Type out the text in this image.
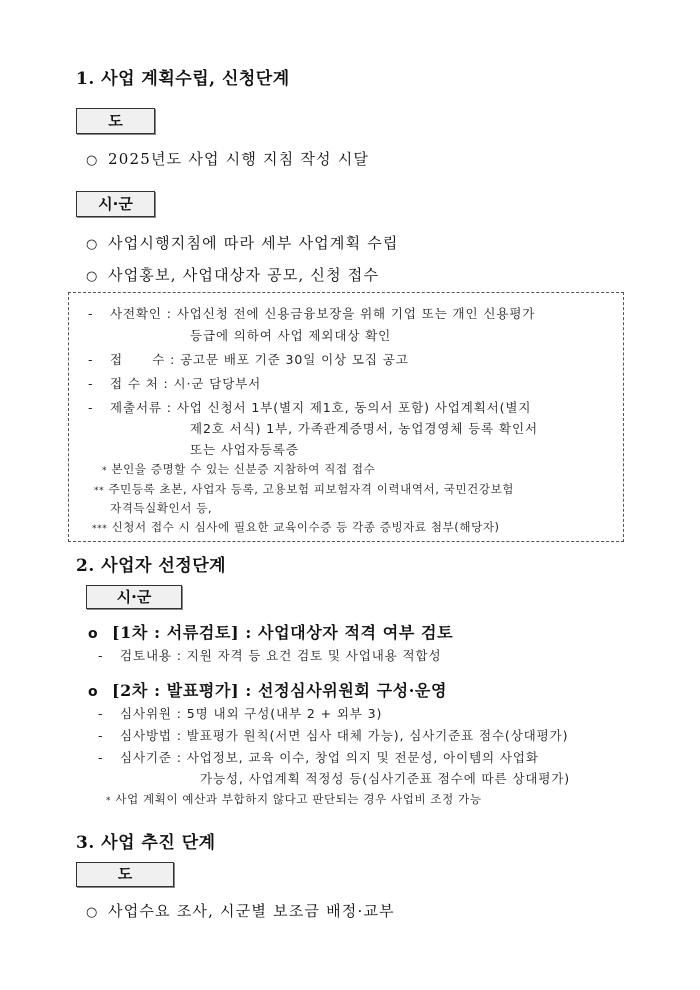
1. 사업 계획수립, 신청단계
도
○ 2025년도 사업 시행 지침 작성 시달
시·군
○ 사업시행지침에 따라 세부 사업계획 수립
○ 사업홍보, 사업대상자 공모, 신청 접수
- 사전확인 : 사업신청 전에 신용금융보장을 위해 기업 또는 개인 신용평가
등급에 의하여 사업 제외대상 확인
- 접      수 : 공고문 배포 기준 30일 이상 모집 공고
- 접 수 처 : 시·군 담당부서
- 제출서류 : 사업 신청서 1부(별지 제1호, 동의서 포함) 사업계획서(별지
제2호 서식) 1부, 가족관계증명서, 농업경영체 등록 확인서
또는 사업자등록증
* 본인을 증명할 수 있는 신분증 지참하여 직접 접수
** 주민등록 초본, 사업자 등록, 고용보험 피보험자격 이력내역서, 국민건강보험
자격득실확인서 등,
*** 신청서 접수 시 심사에 필요한 교육이수증 등 각종 증빙자료 첨부(해당자)
2. 사업자 선정단계
시·군
o [1차 : 서류검토] : 사업대상자 적격 여부 검토
- 검토내용 : 지원 자격 등 요건 검토 및 사업내용 적합성
o [2차 : 발표평가] : 선정심사위원회 구성·운영
- 심사위원 : 5명 내외 구성(내부 2 + 외부 3)
- 심사방법 : 발표평가 원칙(서면 심사 대체 가능), 심사기준표 점수(상대평가)
- 심사기준 : 사업정보, 교육 이수, 창업 의지 및 전문성, 아이템의 사업화
가능성, 사업계획 적정성 등(심사기준표 점수에 따른 상대평가)
* 사업 계획이 예산과 부합하지 않다고 판단되는 경우 사업비 조정 가능
3. 사업 추진 단계
도
○ 사업수요 조사, 시군별 보조금 배정·교부
